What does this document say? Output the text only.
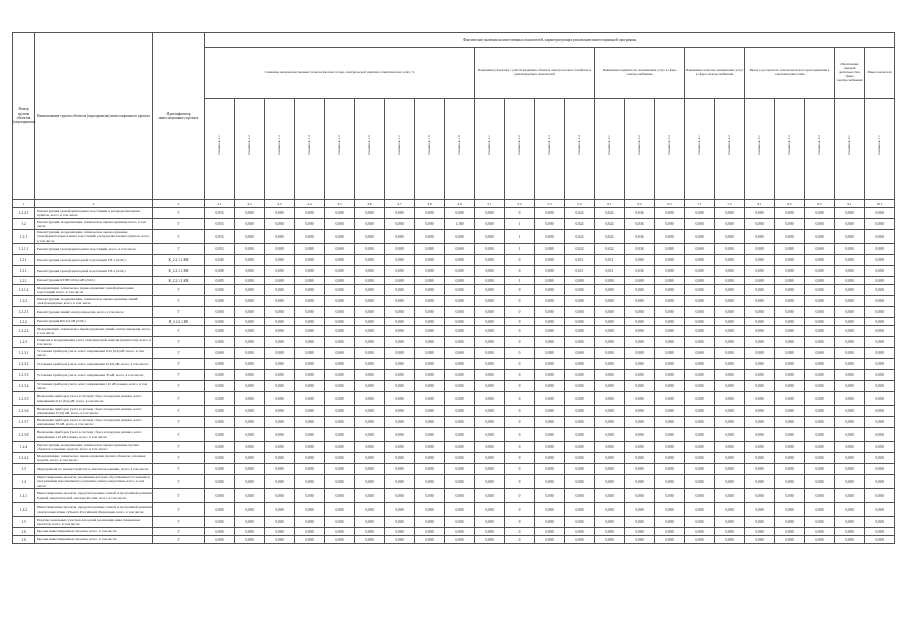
Номер группы объектов (мероприятия)	Наименование группы объектов (мероприятия) инвестиционного проекта	Идентификатор инвестиционного проекта	Фактические значения количественных показателей, характеризующих реализацию инвестиционной программы																						
			Снижение непроизводственных технологических потерь электрической энергии в электрических сетях, %									Изменение (объектов) с учётом вводимых объектов электросетевого хозяйства и демонтируемых показателей				Повышение надёжности оказываемых услуг в сфере электроснабжения			Повышение качества оказываемых услуг в сфере электроснабжения		Вклад в доступность технологического присоединения к электрическим сетям			Обеспечение текущей деятельности в сфере электроснабжения	Иные показатели

			показатель 1.1	показатель 1.2	показатель 1.3	показатель 1.4	показатель 1.5	показатель 1.6	показатель 1.7	показатель 1.8	показатель 1.9	показатель 2.1	показатель 2.2	показатель 2.3	показатель 2.4	показатель 3.1	показатель 3.2	показатель 3.3	показатель 4.1	показатель 4.2	показатель 5.1	показатель 5.2	показатель 5.3	показатель 6.1	показатель 7.1

1	2	3	4.1	4.2	4.3	4.4	4.5	4.6	4.7	4.8	4.9	5.1	5.2	5.3	5.4	6.1	6.2	6.3	7.1	7.2	8.1	8.2	8.3	9.1	10.1
1.2.4.1	Реконструкция трансформаторных подстанций и распределительных пунктов, всего, в том числе	Г	0,053	0,000	0,000	0,000	0,000	0,000	0,000	0,000	0,000	0,000	0	0,000	0,022	0,022	0,036	0,000	0,000	0,000	0,000	0,000	0,000	0,000	0,000
1.2	Реконструкция, модернизация, техническое перевооружение всего, в том числе	Г	0,053	0,000	0,000	0,000	0,000	0,000	0,000	0,000	1,180	0,000	1	0,000	0,022	0,022	0,036	0,000	0,000	0,000	0,000	0,000	0,000	0,000	0,000
1.2.1	Реконструкция, модернизация, техническое перевооружение трансформаторных и иных подстанций, распределительных пунктов, всего, в том числе	Г	0,053	0,000	0,000	0,000	0,000	0,000	0,000	0,000	0,000	0,000	1	0,000	0,022	0,022	0,036	0,000	0,000	0,000	0,000	0,000	0,000	0,000	0,000
1.2.1.1	Реконструкция трансформаторных подстанций, всего, в том числе	Г	0,053	0,000	0,000	0,000	0,000	0,000	0,000	0,000	0,000	0,000	1	0,000	0,022	0,022	0,036	0,000	0,000	0,000	0,000	0,000	0,000	0,000	0,000
1.2.1.	Реконструкция трансформаторной подстанции ТП-1 (Л.М.)	К_2.2.1.1.КН	0,040	0,000	0,000	0,000	0,000	0,000	0,000	0,000	0,000	0,000	0	0,000	0,011	0,011	0,000	0,000	0,000	0,000	0,000	0,000	0,000	0,000	0,000
1.2.1.	Реконструкция трансформаторной подстанции ТП-2 (Л.М.)	К_2.2.1.1.КН	0,008	0,000	0,000	0,000	0,000	0,000	0,000	0,000	0,000	0,000	0	0,000	0,011	0,011	0,036	0,000	0,000	0,000	0,000	0,000	0,000	0,000	0,000
1.2.1.	Реконструкция КТПН 10/0,4 кВ (Л.М.)	К_2.2.1.1.КН	0,005	0,000	0,000	0,000	0,000	0,000	0,000	0,000	0,000	0,000	1	0,000	0,000	0,000	0,000	0,000	0,000	0,000	0,000	0,000	0,000	0,000	0,000
1.2.1.2	Модернизация, техническое перевооружение трансформаторных подстанций, всего, в том числе	Г	0,000	0,000	0,000	0,000	0,000	0,000	0,000	0,000	0,000	0,000	0	0,000	0,000	0,000	0,000	0,000	0,000	0,000	0,000	0,000	0,000	0,000	0,000
1.2.2	Реконструкция, модернизация, техническое перевооружение линий электропередачи, всего, в том числе	Г	0,000	0,000	0,000	0,000	0,000	0,000	0,000	0,000	0,000	0,000	0	0,000	0,000	0,000	0,000	0,000	0,000	0,000	0,000	0,000	0,000	0,000	0,000
1.2.2.1	Реконструкция линий электропередачи, всего, в том числе	Г	0,000	0,000	0,000	0,000	0,000	0,000	0,000	0,000	0,000	0,000	0	0,000	0,000	0,000	0,000	0,000	0,000	0,000	0,000	0,000	0,000	0,000	0,000
1.2.2.	Реконструкция ВЛ-0,4 кВ (Л.М.)	Н_2.2.2.1.КЕ	0,000	0,000	0,000	0,000	0,000	0,000	0,000	0,000	0,000	0,000	0	0,000	0,000	0,000	0,000	0,000	0,000	0,000	0,000	0,000	0,000	0,000	0,000
1.2.2.2	Модернизация, техническое перевооружение линий электропередачи, всего, в том числе	Г	0,000	0,000	0,000	0,000	0,000	0,000	0,000	0,000	0,000	0,000	0	0,000	0,000	0,000	0,000	0,000	0,000	0,000	0,000	0,000	0,000	0,000	0,000
1.2.3	Развитие и модернизация учета электрической энергии (мощности), всего, в том числе	Г	0,000	0,000	0,000	0,000	0,000	0,000	0,000	0,000	0,000	0,000	0	0,000	0,000	0,000	0,000	0,000	0,000	0,000	0,000	0,000	0,000	0,000	0,000
1.2.3.1	Установка приборов учета, класс напряжения 0,22 (0,4) кВ, всего, в том числе:	Г	0,000	0,000	0,000	0,000	0,000	0,000	0,000	0,000	0,000	0,000	0	0,000	0,000	0,000	0,000	0,000	0,000	0,000	0,000	0,000	0,000	0,000	0,000
1.2.3.2	Установка приборов учета, класс напряжения 6 (10) кВ, всего, в том числе:	Г	0,000	0,000	0,000	0,000	0,000	0,000	0,000	0,000	0,000	0,000	0	0,000	0,000	0,000	0,000	0,000	0,000	0,000	0,000	0,000	0,000	0,000	0,000
1.2.3.3	Установка приборов учета, класс напряжения 35 кВ, всего, в том числе:	Г	0,000	0,000	0,000	0,000	0,000	0,000	0,000	0,000	0,000	0,000	0	0,000	0,000	0,000	0,000	0,000	0,000	0,000	0,000	0,000	0,000	0,000	0,000
1.2.3.4	Установка приборов учета, класс напряжения 110 кВ и выше, всего, в том числе:	Г	0,000	0,000	0,000	0,000	0,000	0,000	0,000	0,000	0,000	0,000	0	0,000	0,000	0,000	0,000	0,000	0,000	0,000	0,000	0,000	0,000	0,000	0,000
1.2.3.5	Включение приборов учета в систему сбора и передачи данных, класс напряжения 0,22 (0,4) кВ, всего, в том числе:	Г	0,000	0,000	0,000	0,000	0,000	0,000	0,000	0,000	0,000	0,000	0	0,000	0,000	0,000	0,000	0,000	0,000	0,000	0,000	0,000	0,000	0,000	0,000
1.2.3.6	Включение приборов учета в систему сбора и передачи данных, класс напряжения 6 (10) кВ, всего, в том числе:	Г	0,000	0,000	0,000	0,000	0,000	0,000	0,000	0,000	0,000	0,000	0	0,000	0,000	0,000	0,000	0,000	0,000	0,000	0,000	0,000	0,000	0,000	0,000
1.2.3.7	Включение приборов учета в систему сбора и передачи данных, класс напряжения 35 кВ, всего, в том числе:	Г	0,000	0,000	0,000	0,000	0,000	0,000	0,000	0,000	0,000	0,000	0	0,000	0,000	0,000	0,000	0,000	0,000	0,000	0,000	0,000	0,000	0,000	0,000
1.2.3.8	Включение приборов учета в систему сбора и передачи данных, класс напряжения 110 кВ и выше, всего, в том числе:	Г	0,000	0,000	0,000	0,000	0,000	0,000	0,000	0,000	0,000	0,000	0	0,000	0,000	0,000	0,000	0,000	0,000	0,000	0,000	0,000	0,000	0,000	0,000
1.2.4	Реконструкция, модернизация, техническое перевооружение прочих объектов основных средств, всего, в том числе:	Г	0,000	0,000	0,000	0,000	0,000	0,000	0,000	0,000	0,000	0,000	0	0,000	0,000	0,000	0,000	0,000	0,000	0,000	0,000	0,000	0,000	0,000	0,000
1.2.4.2	Модернизация, техническое перевооружение прочих объектов основных средств, всего, в том числе:	Г	0,000	0,000	0,000	0,000	0,000	0,000	0,000	0,000	0,000	0,000	0	0,000	0,000	0,000	0,000	0,000	0,000	0,000	0,000	0,000	0,000	0,000	0,000
1.3	Мероприятия по землеустройству и землепользованию, всего, в том числе:	Г	0,000	0,000	0,000	0,000	0,000	0,000	0,000	0,000	0,000	0,000	0	0,000	0,000	0,000	0,000	0,000	0,000	0,000	0,000	0,000	0,000	0,000	0,000
1.4	Инвестиционные проекты, реализация которых обуславливается схемами и программами перспективного развития электроэнергетики, всего, в том числе:	Г	0,000	0,000	0,000	0,000	0,000	0,000	0,000	0,000	0,000	0,000	0	0,000	0,000	0,000	0,000	0,000	0,000	0,000	0,000	0,000	0,000	0,000	0,000
1.4.1	Инвестиционные проекты, предусмотренные схемой и программой развития Единой энергетической системы России, всего, в том числе:	Г	0,000	0,000	0,000	0,000	0,000	0,000	0,000	0,000	0,000	0,000	0	0,000	0,000	0,000	0,000	0,000	0,000	0,000	0,000	0,000	0,000	0,000	0,000
1.4.2	Инвестиционные проекты, предусмотренные схемой и программой развития электроэнергетики субъекта Российской Федерации, всего, в том числе:	Г	0,000	0,000	0,000	0,000	0,000	0,000	0,000	0,000	0,000	0,000	0	0,000	0,000	0,000	0,000	0,000	0,000	0,000	0,000	0,000	0,000	0,000	0,000
1.5	Покупка земельных участков для целей реализации инвестиционных проектов, всего, в том числе:	Г	0,000	0,000	0,000	0,000	0,000	0,000	0,000	0,000	0,000	0,000	0	0,000	0,000	0,000	0,000	0,000	0,000	0,000	0,000	0,000	0,000	0,000	0,000
1.6	Прочие инвестиционные проекты, всего, в том числе:	Г	0,000	0,000	0,000	0,000	0,000	0,000	0,000	0,000	0,000	0,000	0	0,000	0,000	0,000	0,000	0,000	0,000	0,000	0,000	0,000	0,000	0,000	0,000
1.6	Прочие инвестиционные проекты, всего, в том числе:	Г	0,000	0,000	0,000	0,000	0,000	0,000	0,000	0,000	0,000	0,000	0	0,000	0,000	0,000	0,000	0,000	0,000	0,000	0,000	0,000	0,000	0,000	0,000
